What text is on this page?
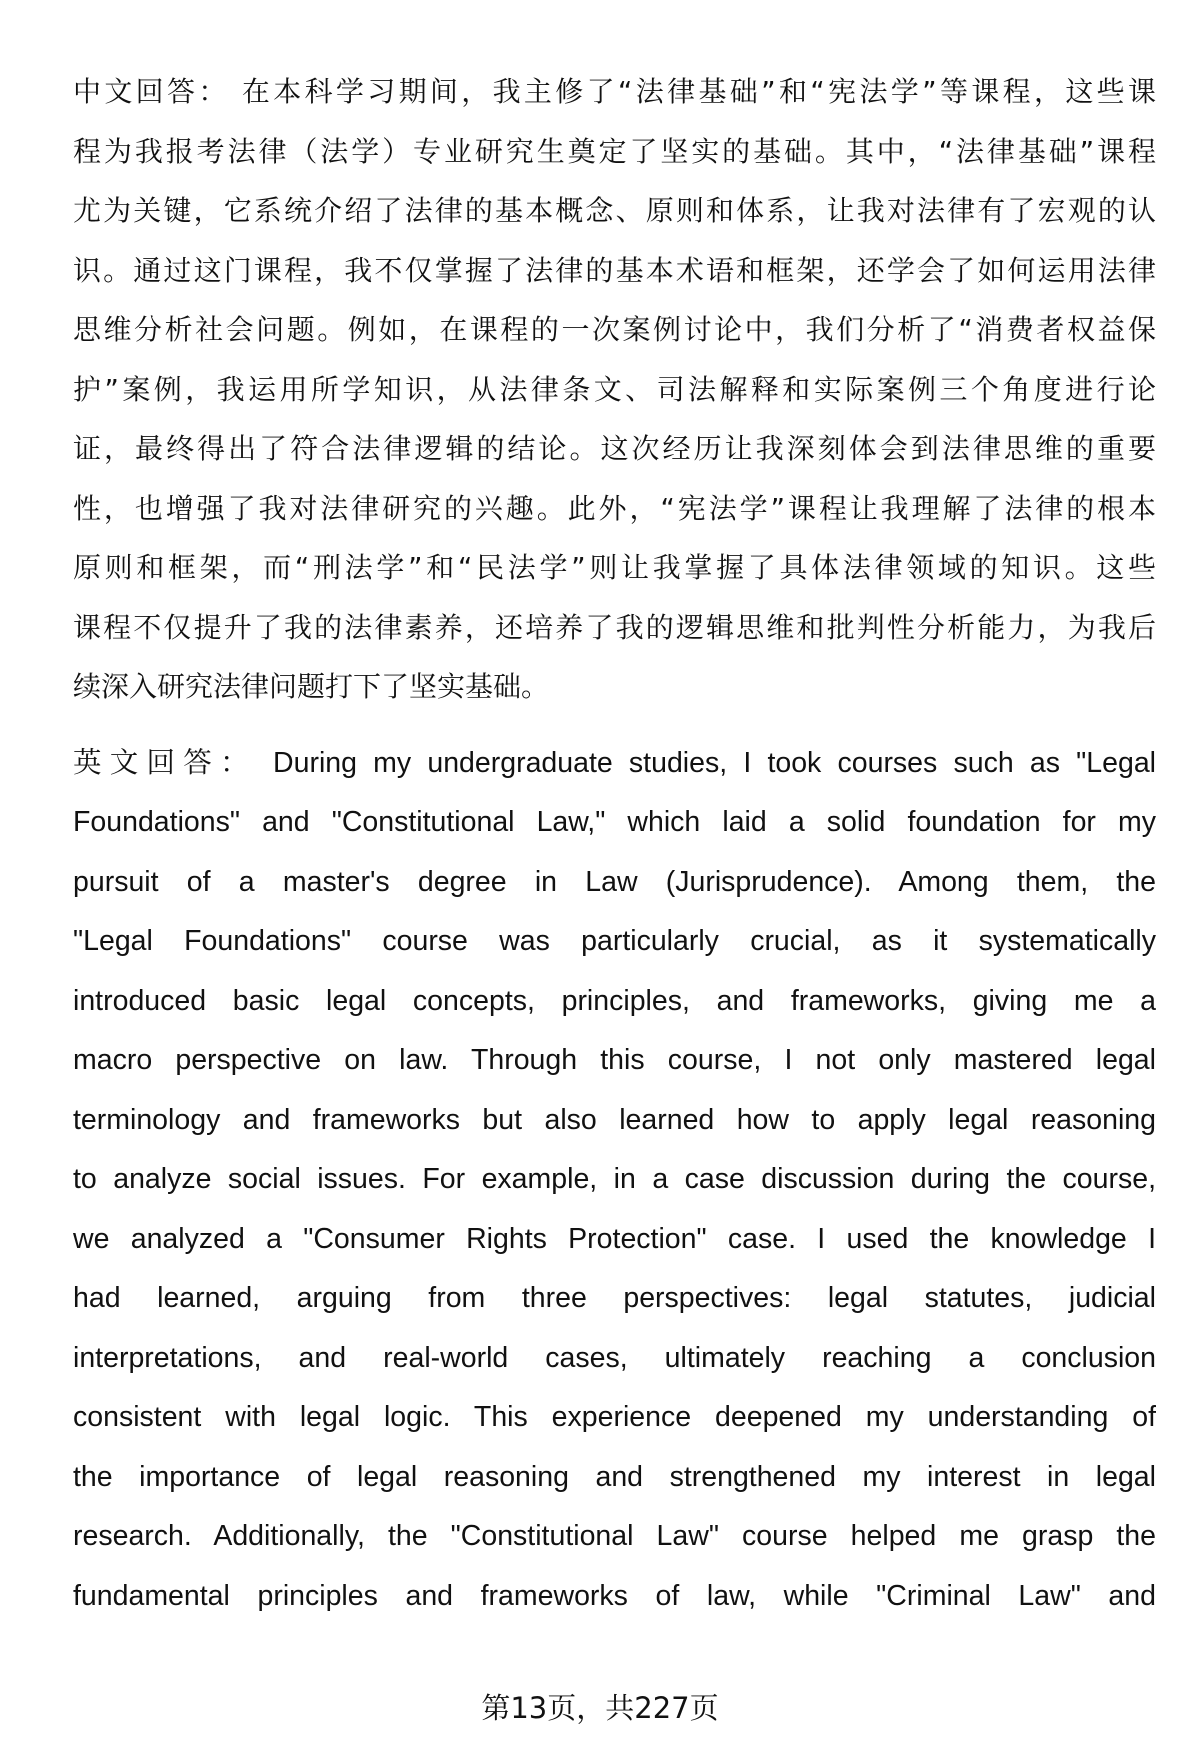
中文回答： 在本科学习期间，我主修了“法律基础”和“宪法学”等课程，这些课
程为我报考法律（法学）专业研究生奠定了坚实的基础。其中，“法律基础”课程
尤为关键，它系统介绍了法律的基本概念、原则和体系，让我对法律有了宏观的认
识。通过这门课程，我不仅掌握了法律的基本术语和框架，还学会了如何运用法律
思维分析社会问题。例如，在课程的一次案例讨论中，我们分析了“消费者权益保
护”案例，我运用所学知识，从法律条文、司法解释和实际案例三个角度进行论
证，最终得出了符合法律逻辑的结论。这次经历让我深刻体会到法律思维的重要
性，也增强了我对法律研究的兴趣。此外，“宪法学”课程让我理解了法律的根本
原则和框架，而“刑法学”和“民法学”则让我掌握了具体法律领域的知识。这些
课程不仅提升了我的法律素养，还培养了我的逻辑思维和批判性分析能力，为我后
续深入研究法律问题打下了坚实基础。
英文回答： During my undergraduate studies, I took courses such as "Legal
Foundations" and "Constitutional Law," which laid a solid foundation for my
pursuit of a master's degree in Law (Jurisprudence). Among them, the
"Legal Foundations" course was particularly crucial, as it systematically
introduced basic legal concepts, principles, and frameworks, giving me a
macro perspective on law. Through this course, I not only mastered legal
terminology and frameworks but also learned how to apply legal reasoning
to analyze social issues. For example, in a case discussion during the course,
we analyzed a "Consumer Rights Protection" case. I used the knowledge I
had learned, arguing from three perspectives: legal statutes, judicial
interpretations, and real-world cases, ultimately reaching a conclusion
consistent with legal logic. This experience deepened my understanding of
the importance of legal reasoning and strengthened my interest in legal
research. Additionally, the "Constitutional Law" course helped me grasp the
fundamental principles and frameworks of law, while "Criminal Law" and
第13页，共227页
